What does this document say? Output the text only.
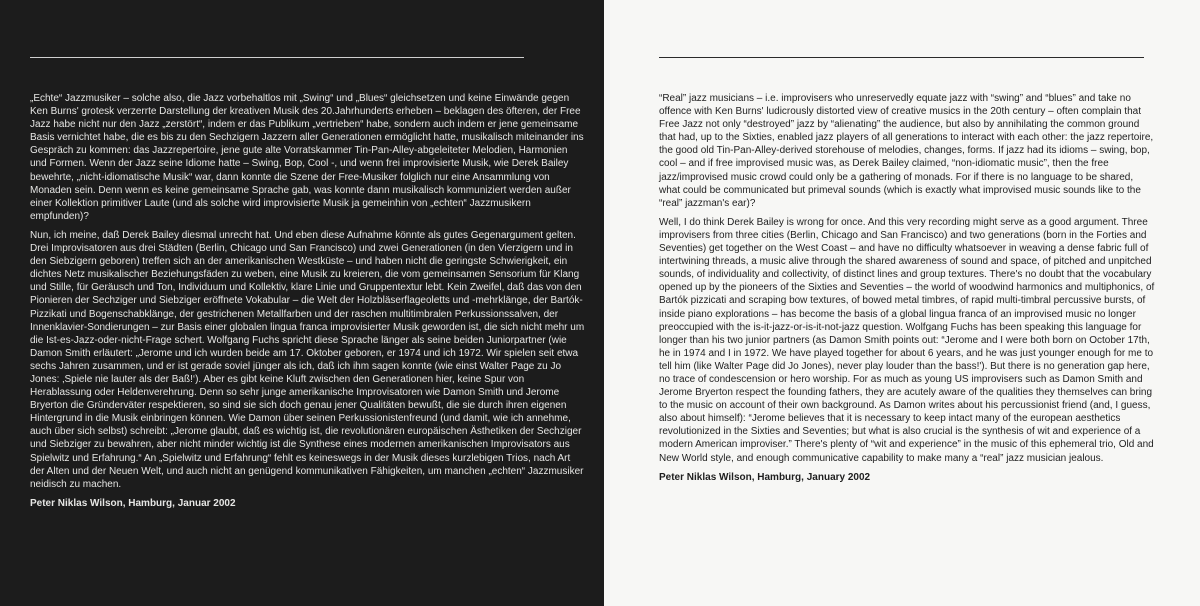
„Echte“ Jazzmusiker – solche also, die Jazz vorbehaltlos mit „Swing“ und „Blues“ gleichsetzen und keine Einwände gegen Ken Burns' grotesk verzerrte Darstellung der kreativen Musik des 20.Jahrhunderts erheben – beklagen des öfteren, der Free Jazz habe nicht nur den Jazz „zerstört“, indem er das Publikum „vertrieben“ habe, sondern auch indem er jene gemeinsame Basis vernichtet habe, die es bis zu den Sechzigern Jazzern aller Generationen ermöglicht hatte, musikalisch miteinander ins Gespräch zu kommen: das Jazzrepertoire, jene gute alte Vorratskammer Tin-Pan-Alley-abgeleiteter Melodien, Harmonien und Formen. Wenn der Jazz seine Idiome hatte – Swing, Bop, Cool -, und wenn frei improvisierte Musik, wie Derek Bailey bewehrte, „nicht-idiomatische Musik“ war, dann konnte die Szene der Free-Musiker folglich nur eine Ansammlung von Monaden sein. Denn wenn es keine gemeinsame Sprache gab, was konnte dann musikalisch kommuniziert werden außer einer Kollektion primitiver Laute (und als solche wird improvisierte Musik ja gemeinhin von „echten“ Jazzmusikern empfunden)?

Nun, ich meine, daß Derek Bailey diesmal unrecht hat. Und eben diese Aufnahme könnte als gutes Gegenargument gelten. Drei Improvisatoren aus drei Städten (Berlin, Chicago und San Francisco) und zwei Generationen (in den Vierzigern und in den Siebzigern geboren) treffen sich an der amerikanischen Westküste – und haben nicht die geringste Schwierigkeit, ein dichtes Netz musikalischer Beziehungsfäden zu weben, eine Musik zu kreieren, die vom gemeinsamen Sensorium für Klang und Stille, für Geräusch und Ton, Individuum und Kollektiv, klare Linie und Gruppentextur lebt. Kein Zweifel, daß das von den Pionieren der Sechziger und Siebziger eröffnete Vokabular – die Welt der Holzbläserflageoletts und -mehrklänge, der Bartók-Pizzikati und Bogenschabklänge, der gestrichenen Metallfarben und der raschen multitimbralen Perkussionssalven, der Innenklavier-Sondierungen – zur Basis einer globalen lingua franca improvisierter Musik geworden ist, die sich nicht mehr um die Ist-es-Jazz-oder-nicht-Frage schert. Wolfgang Fuchs spricht diese Sprache länger als seine beiden Juniorpartner (wie Damon Smith erläutert: „Jerome und ich wurden beide am 17. Oktober geboren, er 1974 und ich 1972. Wir spielen seit etwa sechs Jahren zusammen, und er ist gerade soviel jünger als ich, daß ich ihm sagen konnte (wie einst Walter Page zu Jo Jones: ‚Spiele nie lauter als der Baß!‘). Aber es gibt keine Kluft zwischen den Generationen hier, keine Spur von Herablassung oder Heldenverehrung. Denn so sehr junge amerikanische Improvisatoren wie Damon Smith und Jerome Bryerton die Gründerväter respektieren, so sind sie sich doch genau jener Qualitäten bewußt, die sie durch ihren eigenen Hintergrund in die Musik einbringen können. Wie Damon über seinen Perkussionistenfreund (und damit, wie ich annehme, auch über sich selbst) schreibt: „Jerome glaubt, daß es wichtig ist, die revolutionären europäischen Ästhetiken der Sechziger und Siebziger zu bewahren, aber nicht minder wichtig ist die Synthese eines modernen amerikanischen Improvisators aus Spielwitz und Erfahrung.“ An „Spielwitz und Erfahrung“ fehlt es keineswegs in der Musik dieses kurzlebigen Trios, nach Art der Alten und der Neuen Welt, und auch nicht an genügend kommunikativen Fähigkeiten, um manchen „echten“ Jazzmusiker neidisch zu machen.

Peter Niklas Wilson, Hamburg, Januar 2002

“Real” jazz musicians – i.e. improvisers who unreservedly equate jazz with “swing” and “blues” and take no offence with Ken Burns' ludicrously distorted view of creative musics in the 20th century – often complain that Free Jazz not only “destroyed” jazz by “alienating” the audience, but also by annihilating the common ground that had, up to the Sixties, enabled jazz players of all generations to interact with each other: the jazz repertoire, the good old Tin-Pan-Alley-derived storehouse of melodies, changes, forms. If jazz had its idioms – swing, bop, cool – and if free improvised music was, as Derek Bailey claimed, “non-idiomatic music”, then the free jazz/improvised music crowd could only be a gathering of monads. For if there is no language to be shared, what could be communicated but primeval sounds (which is exactly what improvised music sounds like to the “real” jazzman's ear)?

Well, I do think Derek Bailey is wrong for once. And this very recording might serve as a good argument. Three improvisers from three cities (Berlin, Chicago and San Francisco) and two generations (born in the Forties and Seventies) get together on the West Coast – and have no difficulty whatsoever in weaving a dense fabric full of intertwining threads, a music alive through the shared awareness of sound and space, of pitched and unpitched sounds, of individuality and collectivity, of distinct lines and group textures. There's no doubt that the vocabulary opened up by the pioneers of the Sixties and Seventies – the world of woodwind harmonics and multiphonics, of Bartók pizzicati and scraping bow textures, of bowed metal timbres, of rapid multi-timbral percussive bursts, of inside piano explorations – has become the basis of a global lingua franca of an improvised music no longer preoccupied with the is-it-jazz-or-is-it-not-jazz question. Wolfgang Fuchs has been speaking this language for longer than his two junior partners (as Damon Smith points out: “Jerome and I were both born on October 17th, he in 1974 and I in 1972. We have played together for about 6 years, and he was just younger enough for me to tell him (like Walter Page did Jo Jones), never play louder than the bass!'). But there is no generation gap here, no trace of condescension or hero worship. For as much as young US improvisers such as Damon Smith and Jerome Bryerton respect the founding fathers, they are acutely aware of the qualities they themselves can bring to the music on account of their own background. As Damon writes about his percussionist friend (and, I guess, also about himself): “Jerome believes that it is necessary to keep intact many of the european aesthetics revolutionized in the Sixties and Seventies; but what is also crucial is the synthesis of wit and experience of a modern American improviser.” There's plenty of “wit and experience” in the music of this ephemeral trio, Old and New World style, and enough communicative capability to make many a “real” jazz musician jealous.

Peter Niklas Wilson, Hamburg, January 2002
